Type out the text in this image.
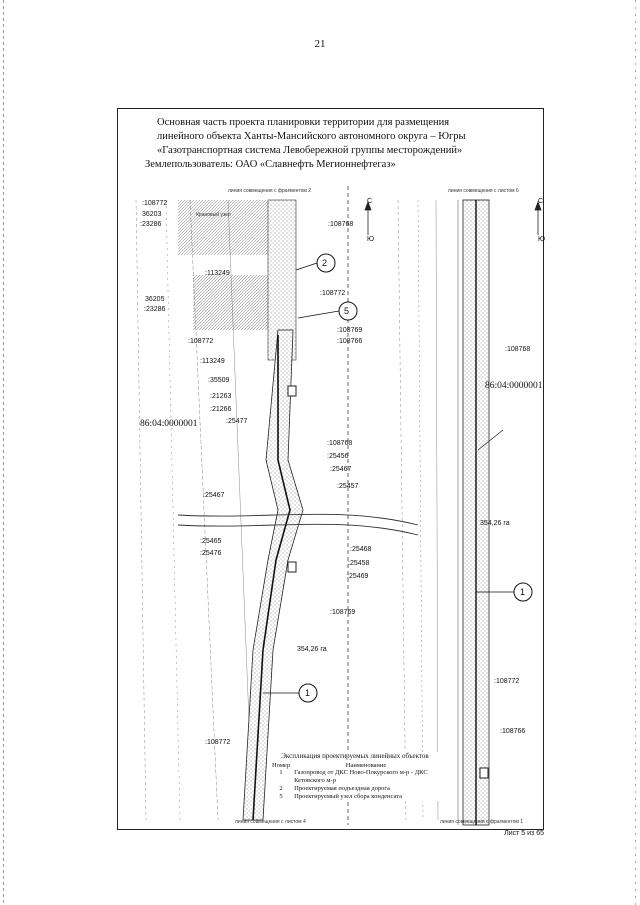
21
Основная часть проекта планировки территории для размещения
линейного объекта Ханты-Мансийского автономного округа – Югры
«Газотранспортная система Левобережной группы месторождений»
Землепользователь: ОАО «Славнефть Мегионнефтегаз»
линия совмещения с фрагментом 2	линия совмещения с листом 6
линия совмещения с листом 4	линия совмещения с фрагментом 1
Крановый узел
С
Ю
С
Ю
2
5
1
1
86:04:0000001
86:04:0000001
354,26 га
354,26 га
:108772
36203
:23286	:108768
:113249
:108772
36205
:23286
:108769
:108766
:108772
:113249
:35509
:21263
:21266
:25477
:108768
:25456
:25467
:25457
:25467
:25468
:25465
:25476
:25458
:25469
:108769
:108768
:108772
:108766
:108772
Экспликация проектируемых линейных объектов
Номер	Наименование
1	Газопровод от ДКС Ново-Покурского м-р - ДКС Кетовского м-р
2	Проектируемая подъездная дорога
5	Проектируемый узел сбора конденсата
Лист 5 из 65
